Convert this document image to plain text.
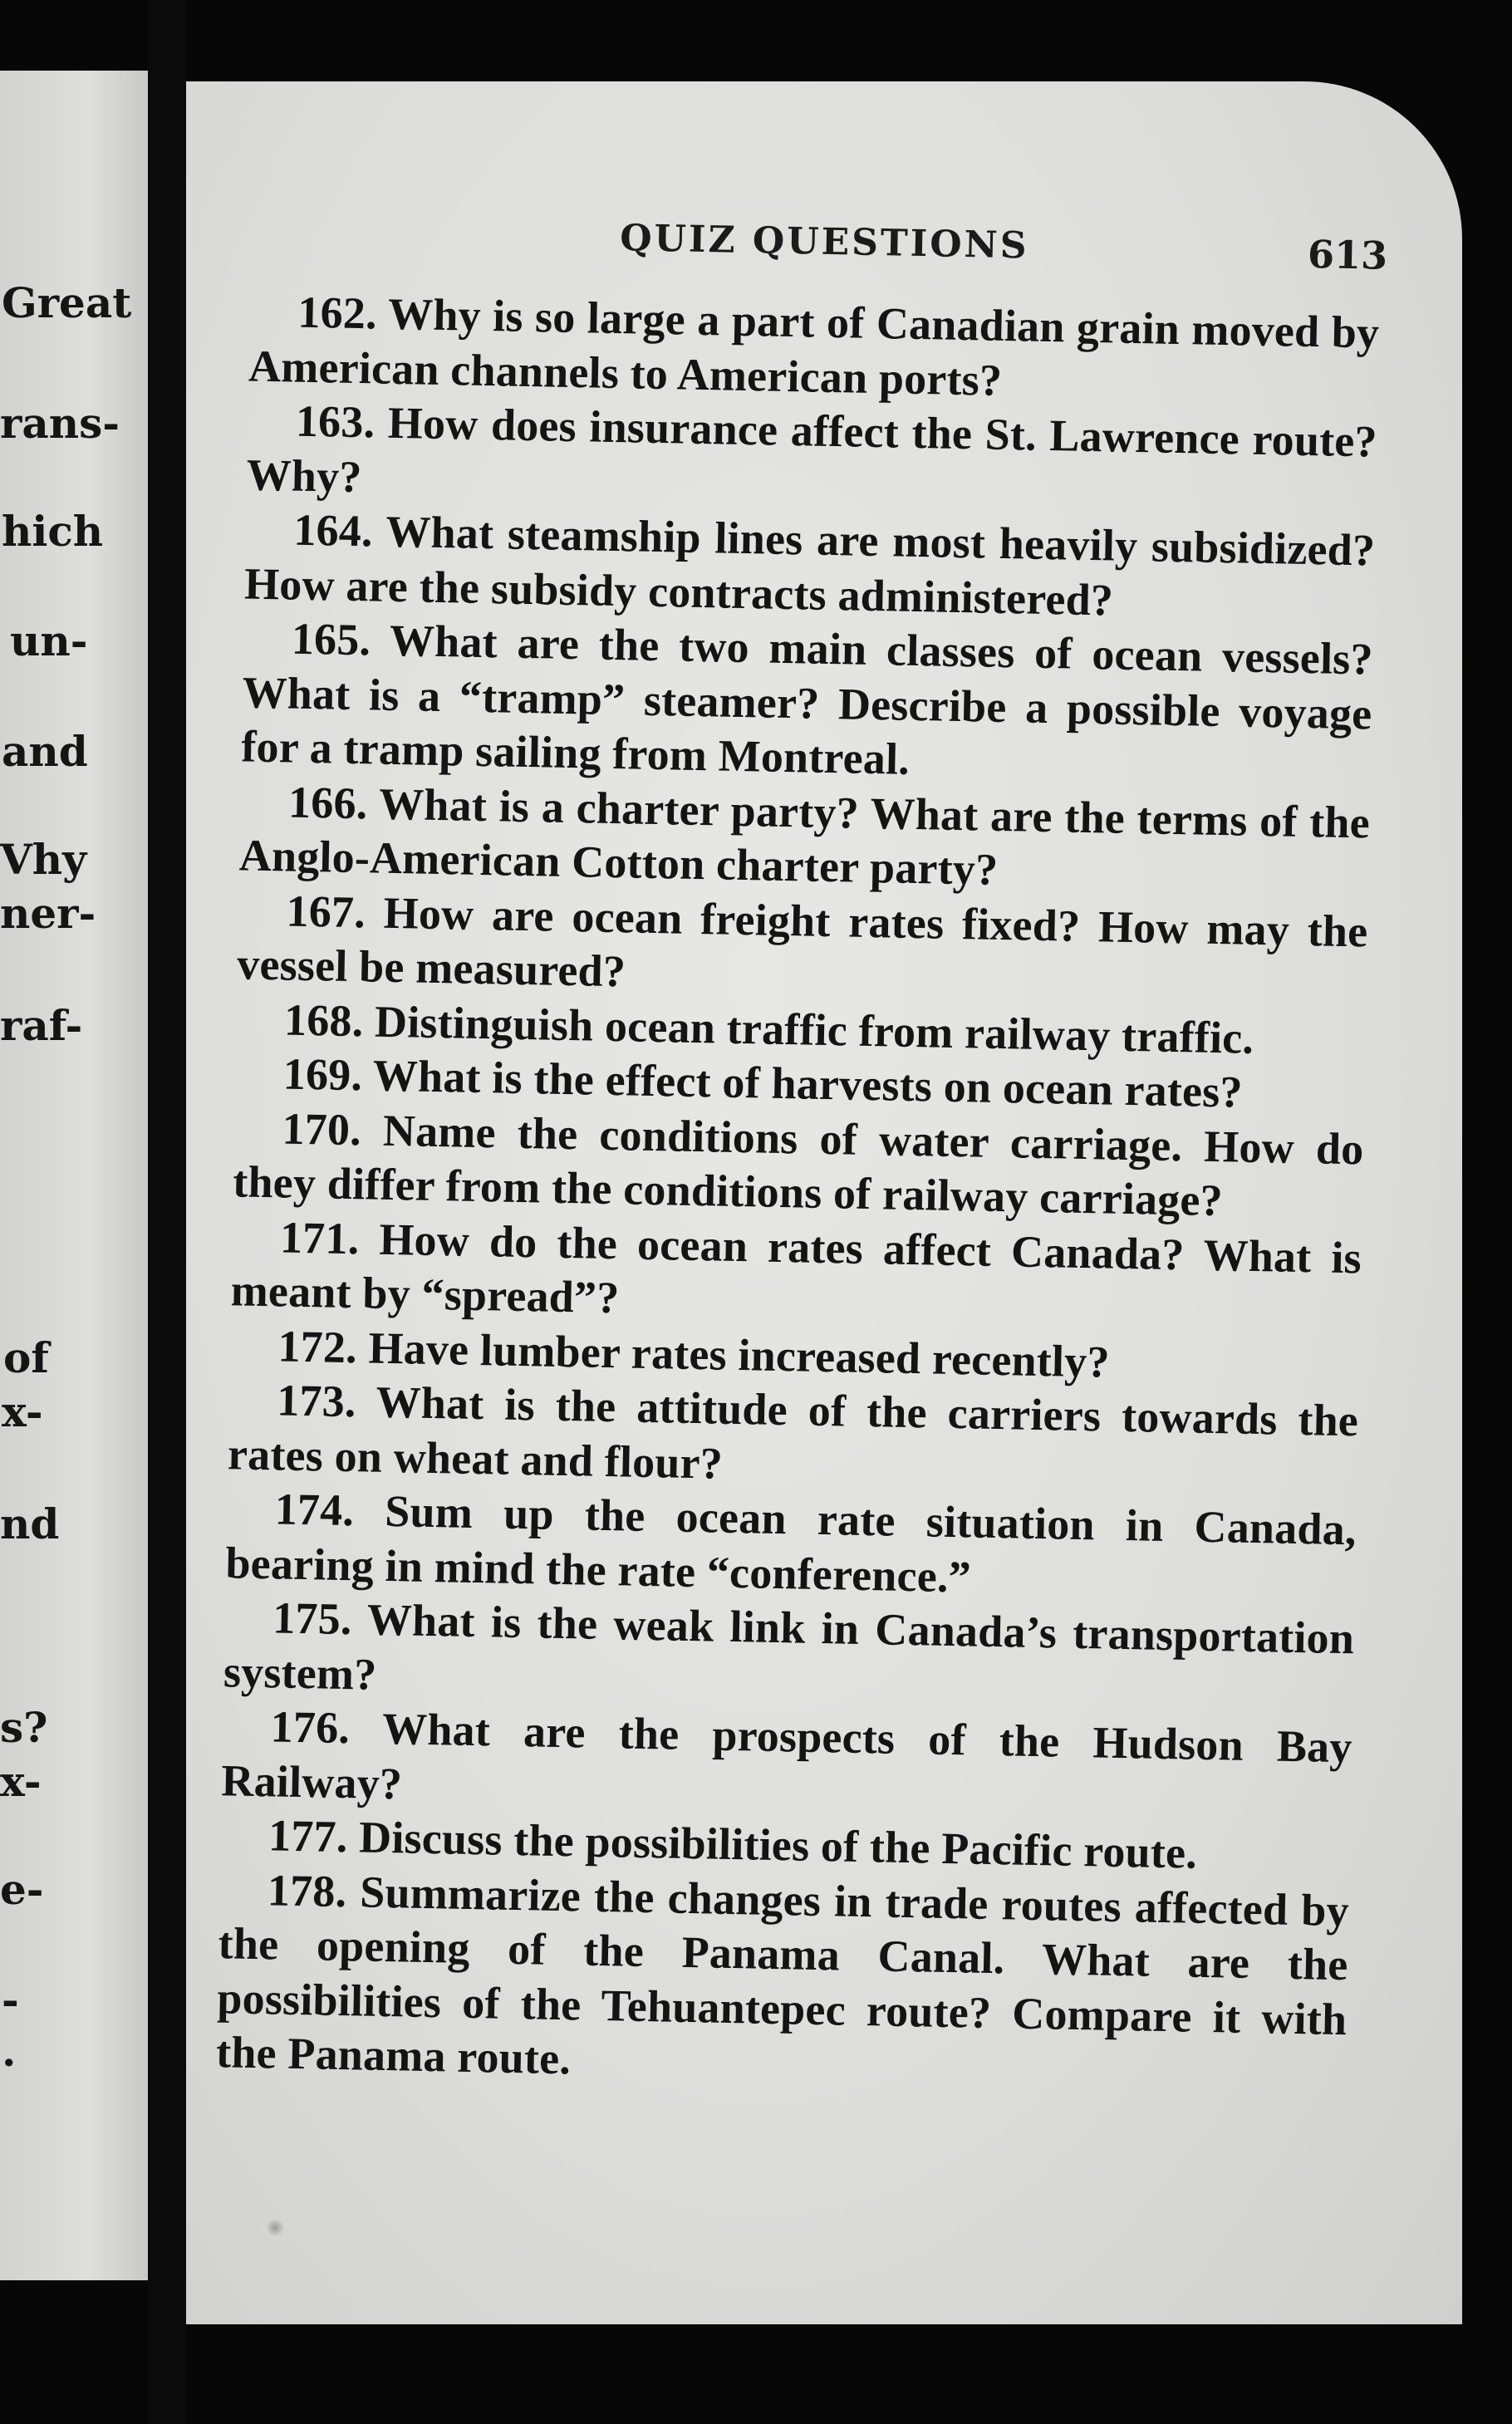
Great
rans-
hich
un-
and
Vhy
ner-
raf-
of
x-
nd
s?
x-
e-
-
.
QUIZ QUESTIONS	613
162. Why is so large a part of Canadian grain moved by American channels to American ports?
163. How does insurance affect the St. Lawrence route? Why?
164. What steamship lines are most heavily subsidized? How are the subsidy contracts administered?
165. What are the two main classes of ocean vessels? What is a “tramp” steamer? Describe a possible voyage for a tramp sailing from Montreal.
166. What is a charter party? What are the terms of the Anglo-American Cotton charter party?
167. How are ocean freight rates fixed? How may the vessel be measured?
168. Distinguish ocean traffic from railway traffic.
169. What is the effect of harvests on ocean rates?
170. Name the conditions of water carriage. How do they differ from the conditions of railway carriage?
171. How do the ocean rates affect Canada? What is meant by “spread”?
172. Have lumber rates increased recently?
173. What is the attitude of the carriers towards the rates on wheat and flour?
174. Sum up the ocean rate situation in Canada, bearing in mind the rate “conference.”
175. What is the weak link in Canada’s transportation system?
176. What are the prospects of the Hudson Bay Railway?
177. Discuss the possibilities of the Pacific route.
178. Summarize the changes in trade routes affected by the opening of the Panama Canal. What are the possibilities of the Tehuantepec route? Compare it with the Panama route.
